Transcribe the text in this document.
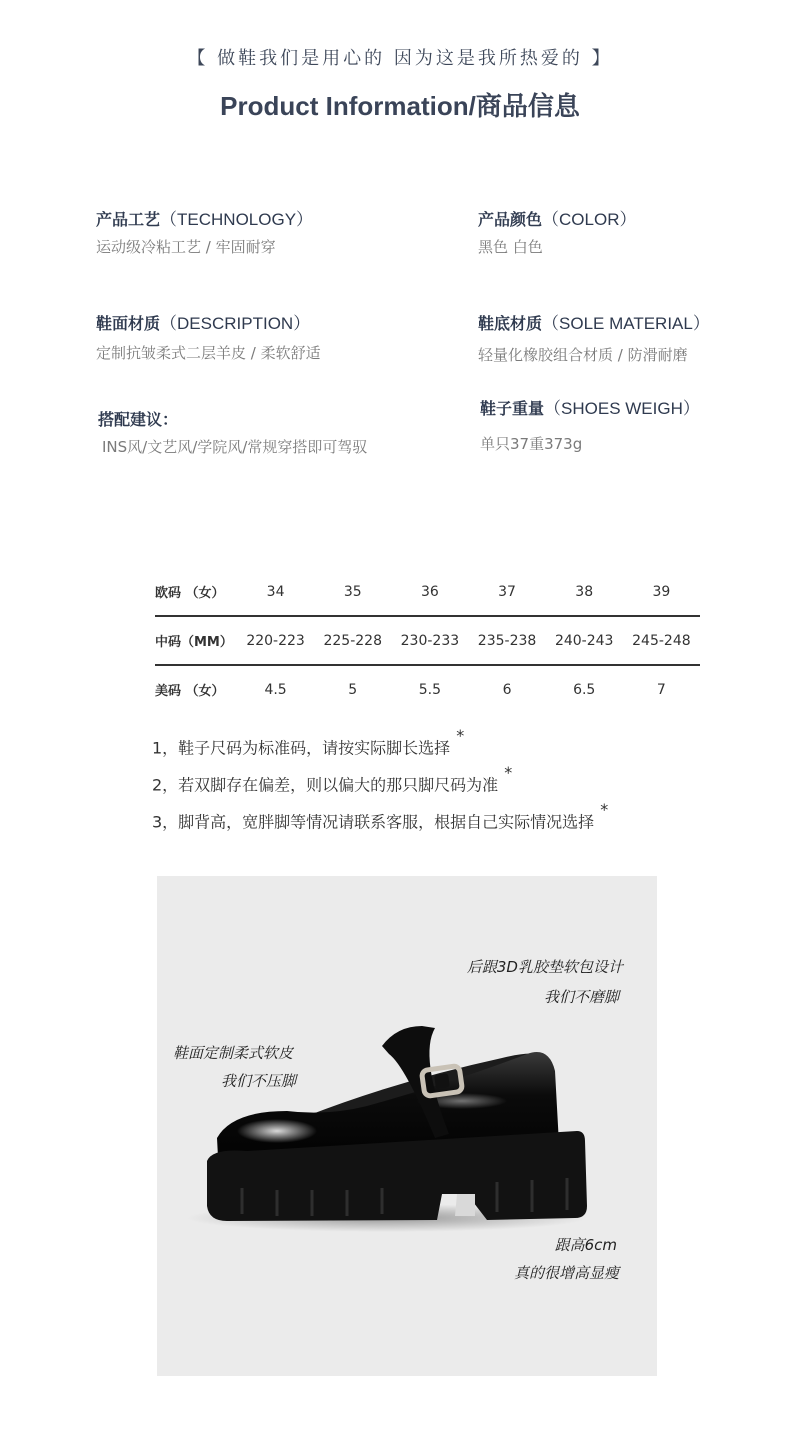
【 做鞋我们是用心的 因为这是我所热爱的 】
Product Information/商品信息
产品工艺（TECHNOLOGY）
运动级冷粘工艺 / 牢固耐穿
产品颜色（COLOR）
黑色 白色
鞋面材质（DESCRIPTION）
定制抗皱柔式二层羊皮 / 柔软舒适
鞋底材质（SOLE MATERIAL）
轻量化橡胶组合材质 / 防滑耐磨
搭配建议：
INS风/文艺风/学院风/常规穿搭即可驾驭
鞋子重量（SHOES WEIGH）
单只37重373g
欧码 （女）	34	35	36	37	38	39
中码（MM）	220-223	225-228	230-233	235-238	240-243	245-248
美码 （女）	4.5	5	5.5	6	6.5	7
1，鞋子尺码为标准码，请按实际脚长选择*
2，若双脚存在偏差，则以偏大的那只脚尺码为准*
3，脚背高，宽胖脚等情况请联系客服，根据自己实际情况选择*
后跟3D乳胶垫软包设计
我们不磨脚
鞋面定制柔式软皮
我们不压脚
跟高6cm
真的很增高显瘦
